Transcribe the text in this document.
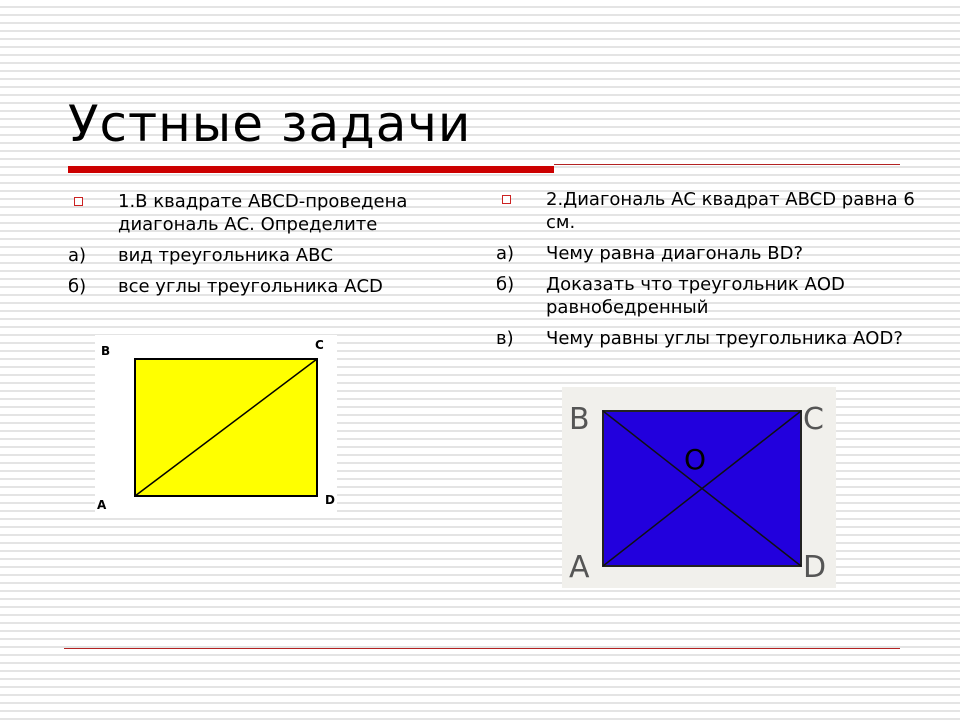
Устные задачи
1.В квадрате ABCD-проведена диагональ АС. Определите
а) вид треугольника АВС
б) все углы треугольника АСD
2.Диагональ АС квадрат ABCD равна 6 см.
а) Чему равна диагональ ВD?
б) Доказать что треугольник АОD равнобедренный
в) Чему равны углы треугольника АОD?
B	C
A	D
B	C
A	D
O
